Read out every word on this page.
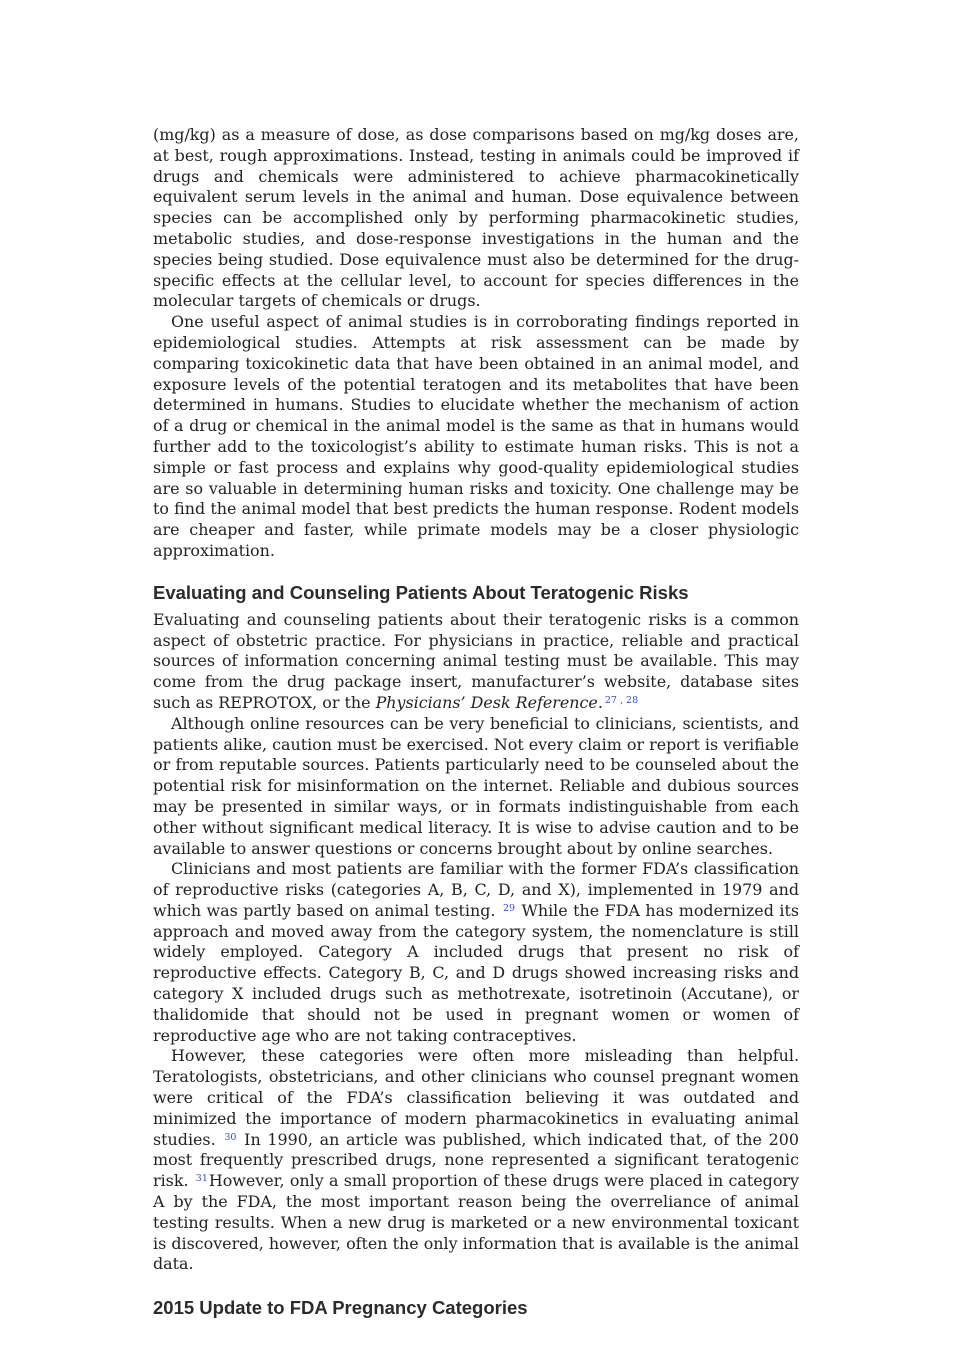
(mg/kg) as a measure of dose, as dose comparisons based on mg/kg doses are, at best, rough approximations. Instead, testing in animals could be improved if drugs and chemicals were administered to achieve pharmacokinetically equivalent serum levels in the animal and human. Dose equivalence between species can be accomplished only by performing pharmacokinetic studies, metabolic studies, and dose-response investigations in the human and the species being studied. Dose equivalence must also be determined for the drug-specific effects at the cellular level, to account for species differences in the molecular targets of chemicals or drugs.

One useful aspect of animal studies is in corroborating findings reported in epidemiological studies. Attempts at risk assessment can be made by comparing toxicokinetic data that have been obtained in an animal model, and exposure levels of the potential teratogen and its metabolites that have been determined in humans. Studies to elucidate whether the mechanism of action of a drug or chemical in the animal model is the same as that in humans would further add to the toxicologist’s ability to estimate human risks. This is not a simple or fast process and explains why good-quality epidemiological studies are so valuable in determining human risks and toxicity. One challenge may be to find the animal model that best predicts the human response. Rodent models are cheaper and faster, while primate models may be a closer physiologic approximation.

Evaluating and Counseling Patients About Teratogenic Risks

Evaluating and counseling patients about their teratogenic risks is a common aspect of obstetric practice. For physicians in practice, reliable and practical sources of information concerning animal testing must be available. This may come from the drug package insert, manufacturer’s website, database sites such as REPROTOX, or the Physicians’ Desk Reference. $^{27 , 28}$

Although online resources can be very beneficial to clinicians, scientists, and patients alike, caution must be exercised. Not every claim or report is verifiable or from reputable sources. Patients particularly need to be counseled about the potential risk for misinformation on the internet. Reliable and dubious sources may be presented in similar ways, or in formats indistinguishable from each other without significant medical literacy. It is wise to advise caution and to be available to answer questions or concerns brought about by online searches.

Clinicians and most patients are familiar with the former FDA’s classification of reproductive risks (categories A, B, C, D, and X), implemented in 1979 and which was partly based on animal testing. $^{29}$ While the FDA has modernized its approach and moved away from the category system, the nomenclature is still widely employed. Category A included drugs that present no risk of reproductive effects. Category B, C, and D drugs showed increasing risks and category X included drugs such as methotrexate, isotretinoin (Accutane), or thalidomide that should not be used in pregnant women or women of reproductive age who are not taking contraceptives.

However, these categories were often more misleading than helpful. Teratologists, obstetricians, and other clinicians who counsel pregnant women were critical of the FDA’s classification believing it was outdated and minimized the importance of modern pharmacokinetics in evaluating animal studies. $^{30}$ In 1990, an article was published, which indicated that, of the 200 most frequently prescribed drugs, none represented a significant teratogenic risk. $^{31}$However, only a small proportion of these drugs were placed in category A by the FDA, the most important reason being the overreliance of animal testing results. When a new drug is marketed or a new environmental toxicant is discovered, however, often the only information that is available is the animal data.

2015 Update to FDA Pregnancy Categories
